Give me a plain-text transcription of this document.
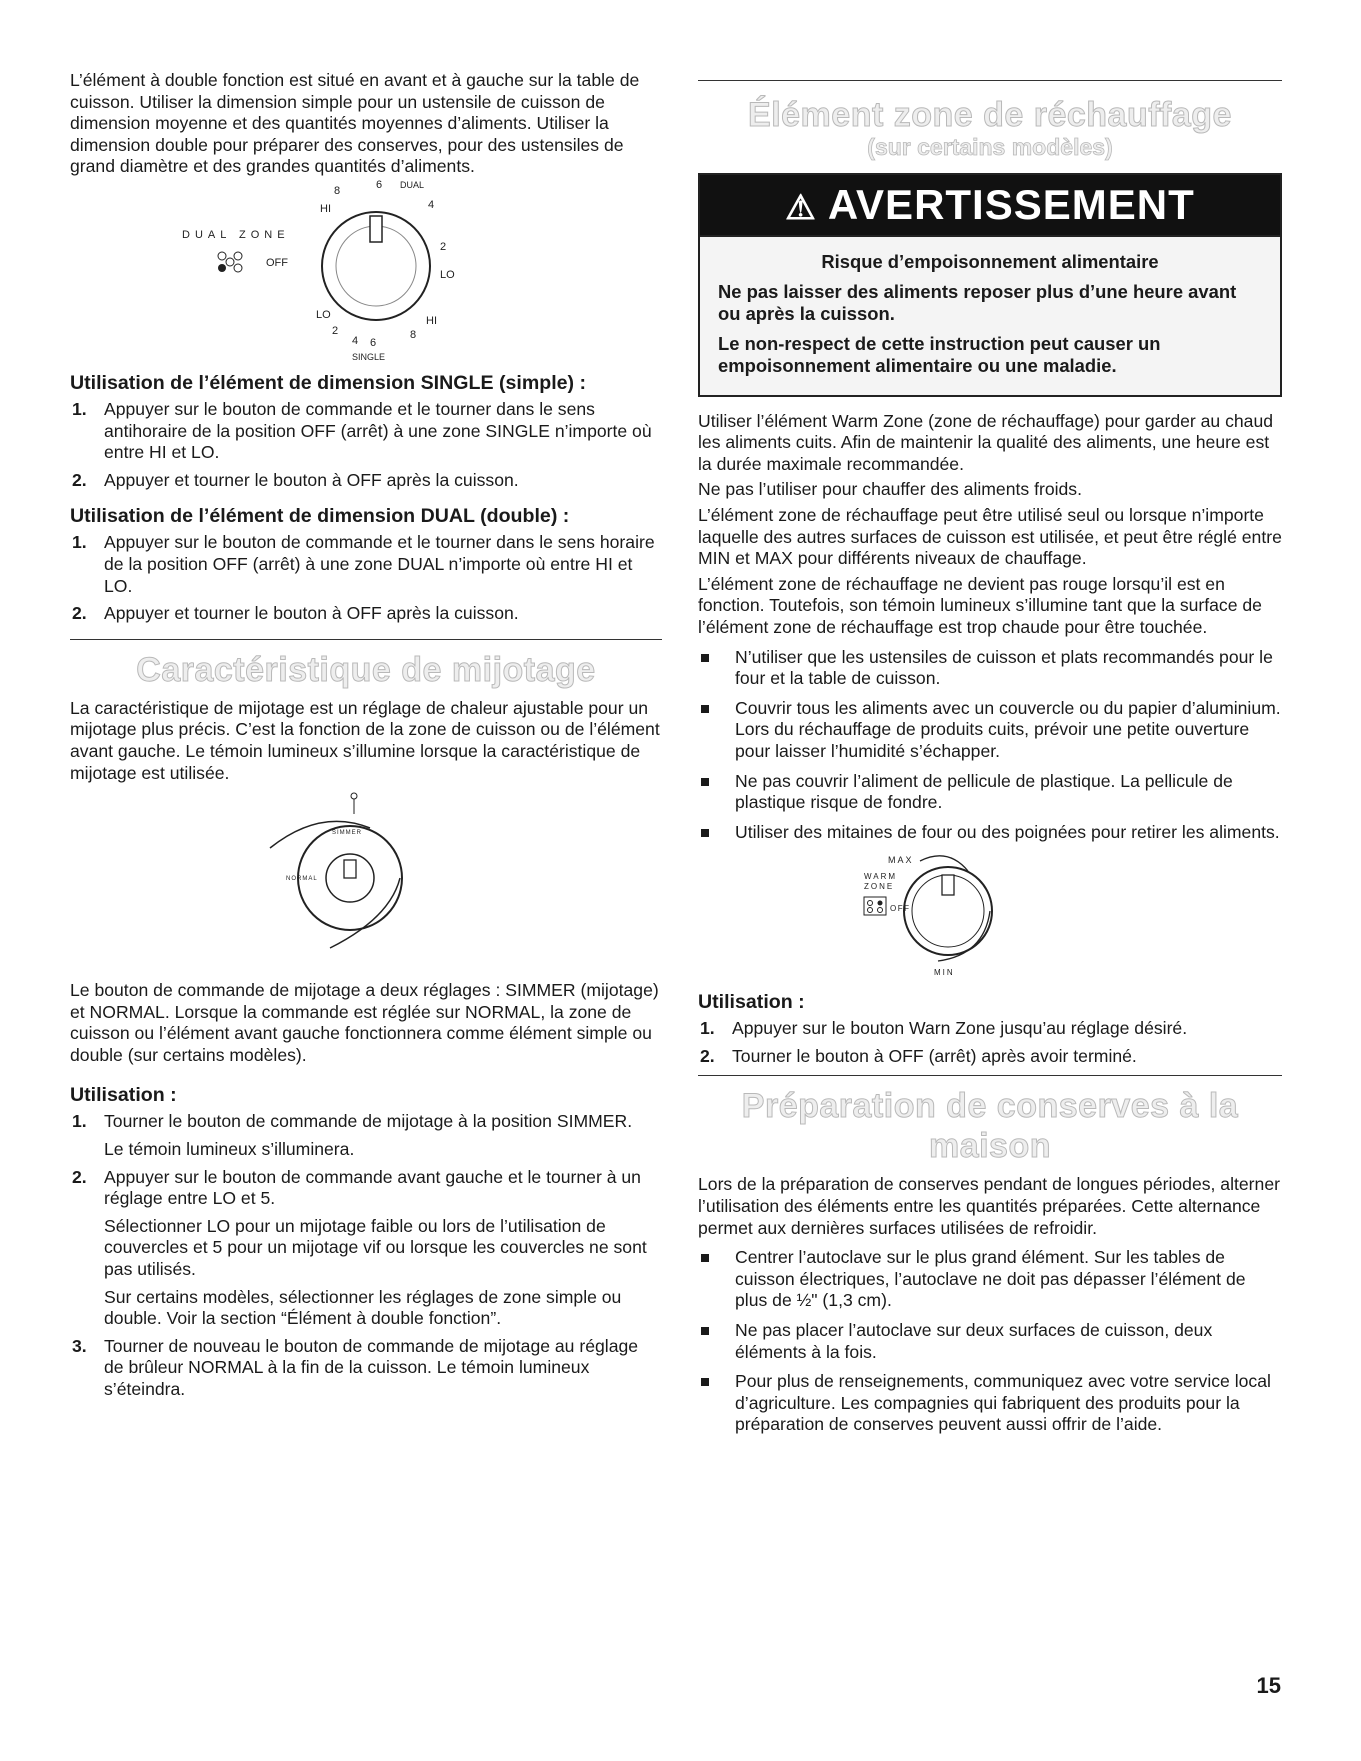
L’élément à double fonction est situé en avant et à gauche sur la table de cuisson. Utiliser la dimension simple pour un ustensile de cuisson de dimension moyenne et des quantités moyennes d’aliments. Utiliser la dimension double pour préparer des conserves, pour des ustensiles de grand diamètre et des grandes quantités d’aliments.

DUAL ZONE
OFF
HI
8	6 DUAL
4
2
LO
LO
2
4 6
8
HI
SINGLE
Utilisation de l’élément de dimension SINGLE (simple) :
1. Appuyer sur le bouton de commande et le tourner dans le sens antihoraire de la position OFF (arrêt) à une zone SINGLE n’importe où entre HI et LO.
2. Appuyer et tourner le bouton à OFF après la cuisson.
Utilisation de l’élément de dimension DUAL (double) :
1. Appuyer sur le bouton de commande et le tourner dans le sens horaire de la position OFF (arrêt) à une zone DUAL n’importe où entre HI et LO.
2. Appuyer et tourner le bouton à OFF après la cuisson.
Caractéristique de mijotage

La caractéristique de mijotage est un réglage de chaleur ajustable pour un mijotage plus précis. C’est la fonction de la zone de cuisson ou de l’élément avant gauche. Le témoin lumineux s’illumine lorsque la caractéristique de mijotage est utilisée.

SIMMER
NORMAL

Le bouton de commande de mijotage a deux réglages : SIMMER (mijotage) et NORMAL. Lorsque la commande est réglée sur NORMAL, la zone de cuisson ou l’élément avant gauche fonctionnera comme élément simple ou double (sur certains modèles).

Utilisation :
1. Tourner le bouton de commande de mijotage à la position SIMMER.

Le témoin lumineux s’illuminera.

2. Appuyer sur le bouton de commande avant gauche et le tourner à un réglage entre LO et 5.

Sélectionner LO pour un mijotage faible ou lors de l’utilisation de couvercles et 5 pour un mijotage vif ou lorsque les couvercles ne sont pas utilisés.

Sur certains modèles, sélectionner les réglages de zone simple ou double. Voir la section “Élément à double fonction”.

3. Tourner de nouveau le bouton de commande de mijotage au réglage de brûleur NORMAL à la fin de la cuisson. Le témoin lumineux s’éteindra.

Élément zone de réchauffage
(sur certains modèles)
⚠ AVERTISSEMENT

Risque d’empoisonnement alimentaire

Ne pas laisser des aliments reposer plus d’une heure avant ou après la cuisson.

Le non-respect de cette instruction peut causer un empoisonnement alimentaire ou une maladie.

Utiliser l’élément Warm Zone (zone de réchauffage) pour garder au chaud les aliments cuits. Afin de maintenir la qualité des aliments, une heure est la durée maximale recommandée.

Ne pas l’utiliser pour chauffer des aliments froids.

L’élément zone de réchauffage peut être utilisé seul ou lorsque n’importe laquelle des autres surfaces de cuisson est utilisée, et peut être réglé entre MIN et MAX pour différents niveaux de chauffage.

L’élément zone de réchauffage ne devient pas rouge lorsqu’il est en fonction. Toutefois, son témoin lumineux s’illumine tant que la surface de l’élément zone de réchauffage est trop chaude pour être touchée.

N’utiliser que les ustensiles de cuisson et plats recommandés pour le four et la table de cuisson.
Couvrir tous les aliments avec un couvercle ou du papier d’aluminium. Lors du réchauffage de produits cuits, prévoir une petite ouverture pour laisser l’humidité s’échapper.
Ne pas couvrir l’aliment de pellicule de plastique. La pellicule de plastique risque de fondre.
Utiliser des mitaines de four ou des poignées pour retirer les aliments.
MAX
WARM
ZONE
OFF
MIN
Utilisation :
1. Appuyer sur le bouton Warn Zone jusqu’au réglage désiré.
2. Tourner le bouton à OFF (arrêt) après avoir terminé.
Préparation de conserves à la maison

Lors de la préparation de conserves pendant de longues périodes, alterner l’utilisation des éléments entre les quantités préparées. Cette alternance permet aux dernières surfaces utilisées de refroidir.

Centrer l’autoclave sur le plus grand élément. Sur les tables de cuisson électriques, l’autoclave ne doit pas dépasser l’élément de plus de ½" (1,3 cm).
Ne pas placer l’autoclave sur deux surfaces de cuisson, deux éléments à la fois.
Pour plus de renseignements, communiquez avec votre service local d’agriculture. Les compagnies qui fabriquent des produits pour la préparation de conserves peuvent aussi offrir de l’aide.
15
